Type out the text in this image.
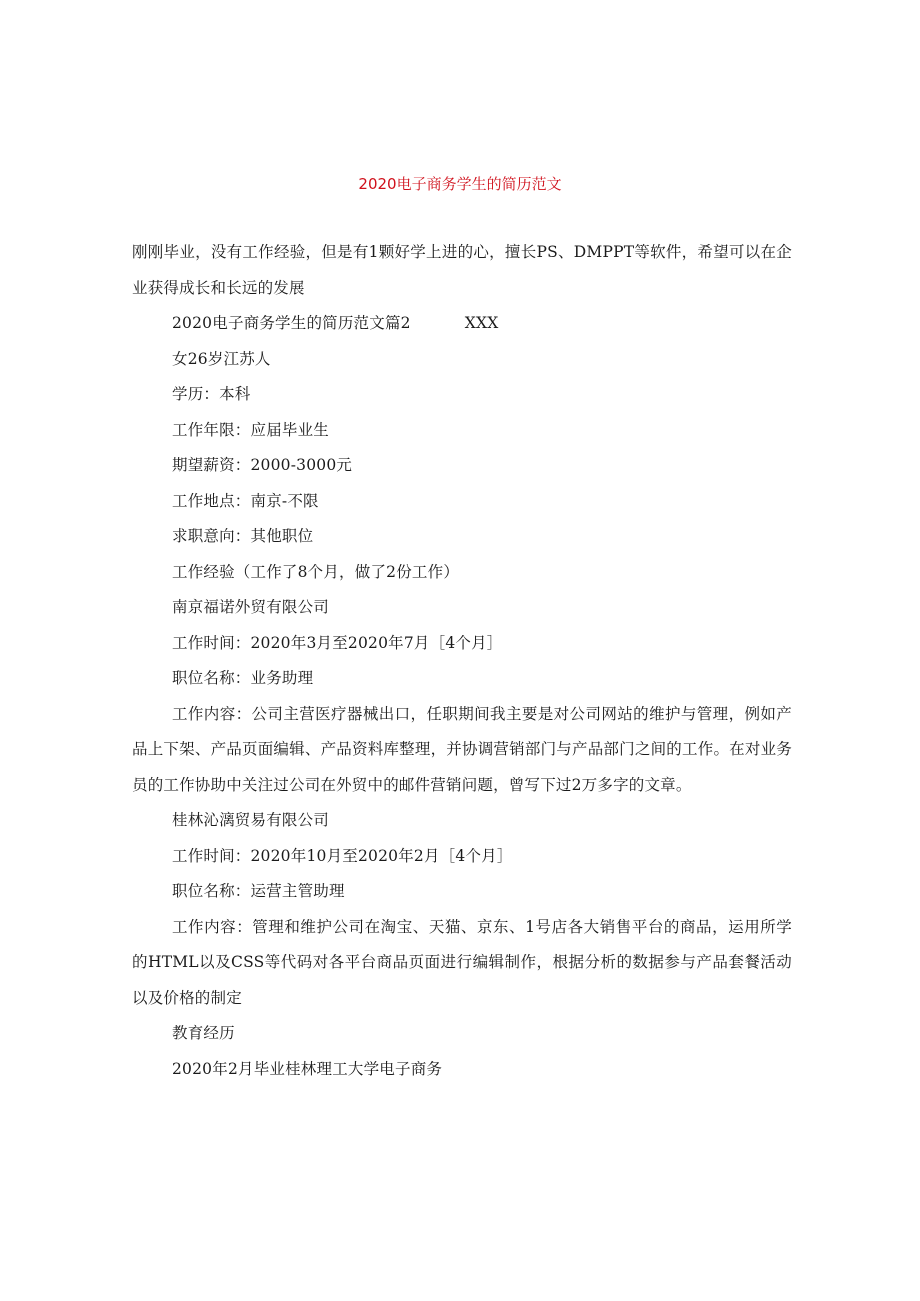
2020电子商务学生的简历范文

刚刚毕业，没有工作经验，但是有1颗好学上进的心，擅长PS、DMPPT等软件，希望可以在企业获得成长和长远的发展

2020电子商务学生的简历范文篇2	XXX

女26岁江苏人

学历：本科

工作年限：应届毕业生

期望薪资：2000-3000元

工作地点：南京-不限

求职意向：其他职位

工作经验（工作了8个月，做了2份工作）

南京福诺外贸有限公司

工作时间：2020年3月至2020年7月［4个月］

职位名称：业务助理

工作内容：公司主营医疗器械出口，任职期间我主要是对公司网站的维护与管理，例如产品上下架、产品页面编辑、产品资料库整理，并协调营销部门与产品部门之间的工作。在对业务员的工作协助中关注过公司在外贸中的邮件营销问题，曾写下过2万多字的文章。

桂林沁漓贸易有限公司

工作时间：2020年10月至2020年2月［4个月］

职位名称：运营主管助理

工作内容：管理和维护公司在淘宝、天猫、京东、1号店各大销售平台的商品，运用所学的HTML以及CSS等代码对各平台商品页面进行编辑制作，根据分析的数据参与产品套餐活动以及价格的制定

教育经历

2020年2月毕业桂林理工大学电子商务
